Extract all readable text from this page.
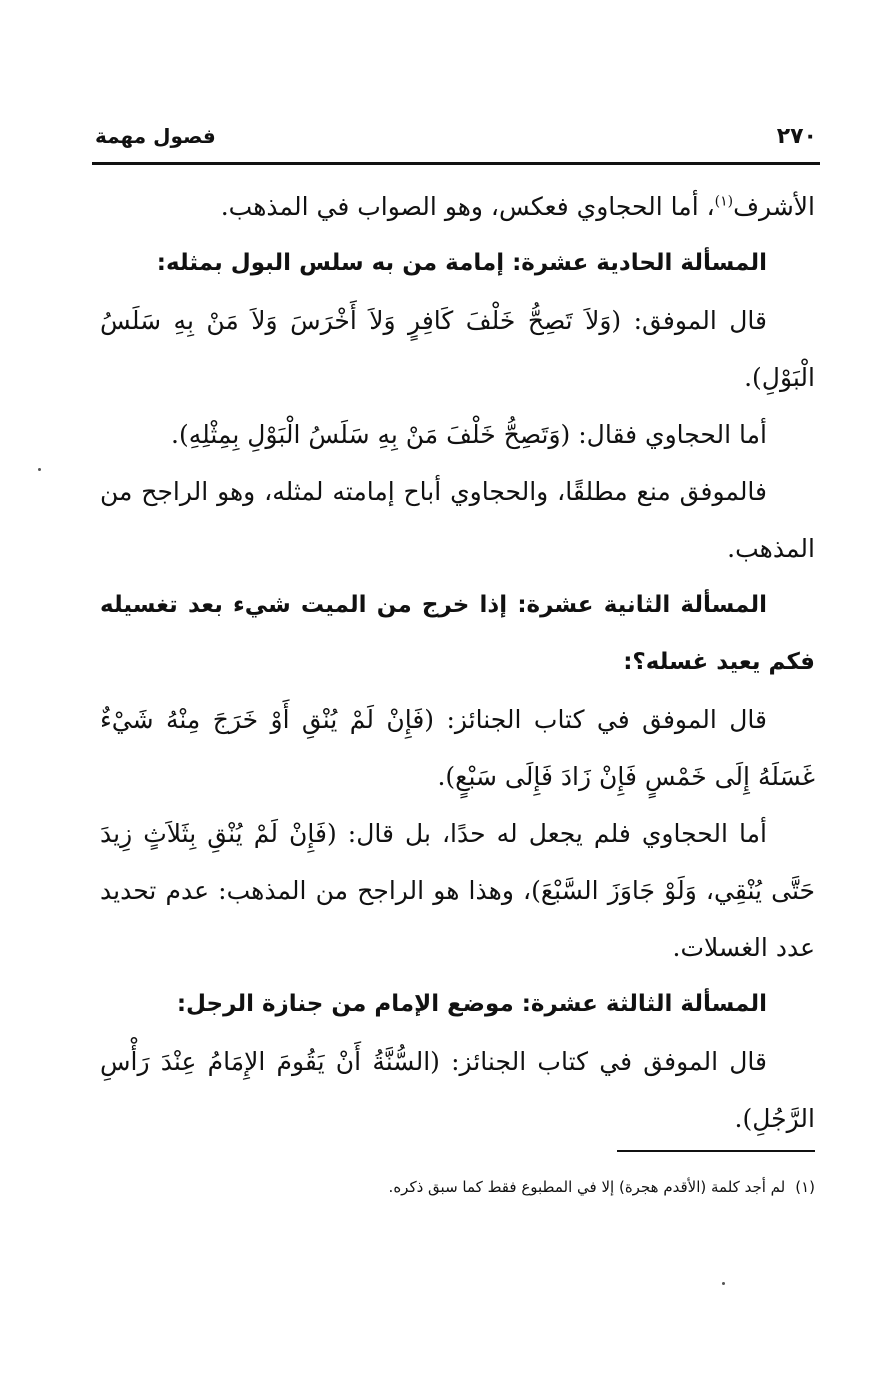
٢٧٠
فصول مهمة

الأشرف$^{(١)}$، أما الحجاوي فعكس، وهو الصواب في المذهب.

المسألة الحادية عشرة: إمامة من به سلس البول بمثله:

قال الموفق: (وَلاَ تَصِحُّ خَلْفَ كَافِرٍ وَلاَ أَخْرَسَ وَلاَ مَنْ بِهِ سَلَسُ الْبَوْلِ).

أما الحجاوي فقال: (وَتَصِحُّ خَلْفَ مَنْ بِهِ سَلَسُ الْبَوْلِ بِمِثْلِهِ).

فالموفق منع مطلقًا، والحجاوي أباح إمامته لمثله، وهو الراجح من المذهب.

المسألة الثانية عشرة: إذا خرج من الميت شيء بعد تغسيله فكم يعيد غسله؟:

قال الموفق في كتاب الجنائز: (فَإِنْ لَمْ يُنْقِ أَوْ خَرَجَ مِنْهُ شَيْءٌ غَسَلَهُ إِلَى خَمْسٍ فَإِنْ زَادَ فَإِلَى سَبْعٍ).

أما الحجاوي فلم يجعل له حدًا، بل قال: (فَإِنْ لَمْ يُنْقِ بِثَلاَثٍ زِيدَ حَتَّى يُنْقِي، وَلَوْ جَاوَزَ السَّبْعَ)، وهذا هو الراجح من المذهب: عدم تحديد عدد الغسلات.

المسألة الثالثة عشرة: موضع الإمام من جنازة الرجل:

قال الموفق في كتاب الجنائز: (السُّنَّةُ أَنْ يَقُومَ الإِمَامُ عِنْدَ رَأْسِ الرَّجُلِ).

(١)لم أجد كلمة (الأقدم هجرة) إلا في المطبوع فقط كما سبق ذكره.
